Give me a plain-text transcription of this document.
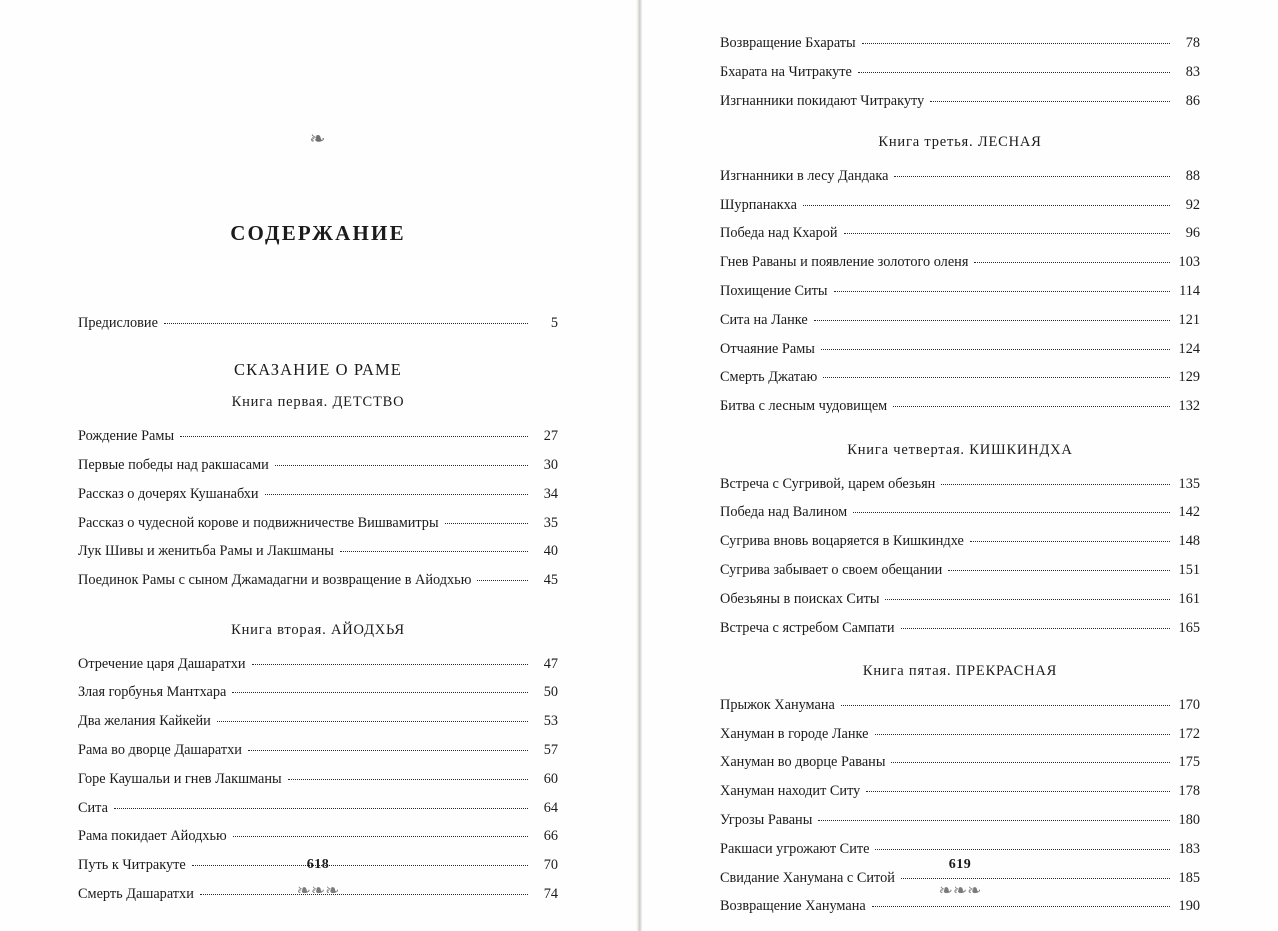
❧
СОДЕРЖАНИЕ
Предисловие	5
СКАЗАНИЕ О РАМЕ
Книга первая. ДЕТСТВО
Рождение Рамы	27
Первые победы над ракшасами	30
Рассказ о дочерях Кушанабхи	34
Рассказ о чудесной корове и подвижничестве Вишвамитры	35
Лук Шивы и женитьба Рамы и Лакшманы	40
Поединок Рамы с сыном Джамадагни и возвращение в Айодхью	45
Книга вторая. АЙОДХЬЯ
Отречение царя Дашаратхи	47
Злая горбунья Мантхара	50
Два желания Кайкейи	53
Рама во дворце Дашаратхи	57
Горе Каушальи и гнев Лакшманы	60
Сита	64
Рама покидает Айодхью	66
Путь к Читракуте	70
Смерть Дашаратхи	74
618
❧❧❧
Возвращение Бхараты	78
Бхарата на Читракуте	83
Изгнанники покидают Читракуту	86
Книга третья. ЛЕСНАЯ
Изгнанники в лесу Дандака	88
Шурпанакха	92
Победа над Кхарой	96
Гнев Раваны и появление золотого оленя	103
Похищение Ситы	114
Сита на Ланке	121
Отчаяние Рамы	124
Смерть Джатаю	129
Битва с лесным чудовищем	132
Книга четвертая. КИШКИНДХА
Встреча с Сугривой, царем обезьян	135
Победа над Валином	142
Сугрива вновь воцаряется в Кишкиндхе	148
Сугрива забывает о своем обещании	151
Обезьяны в поисках Ситы	161
Встреча с ястребом Сампати	165
Книга пятая. ПРЕКРАСНАЯ
Прыжок Ханумана	170
Хануман в городе Ланке	172
Хануман во дворце Раваны	175
Хануман находит Ситу	178
Угрозы Раваны	180
Ракшаси угрожают Сите	183
Свидание Ханумана с Ситой	185
Возвращение Ханумана	190
619
❧❧❧
